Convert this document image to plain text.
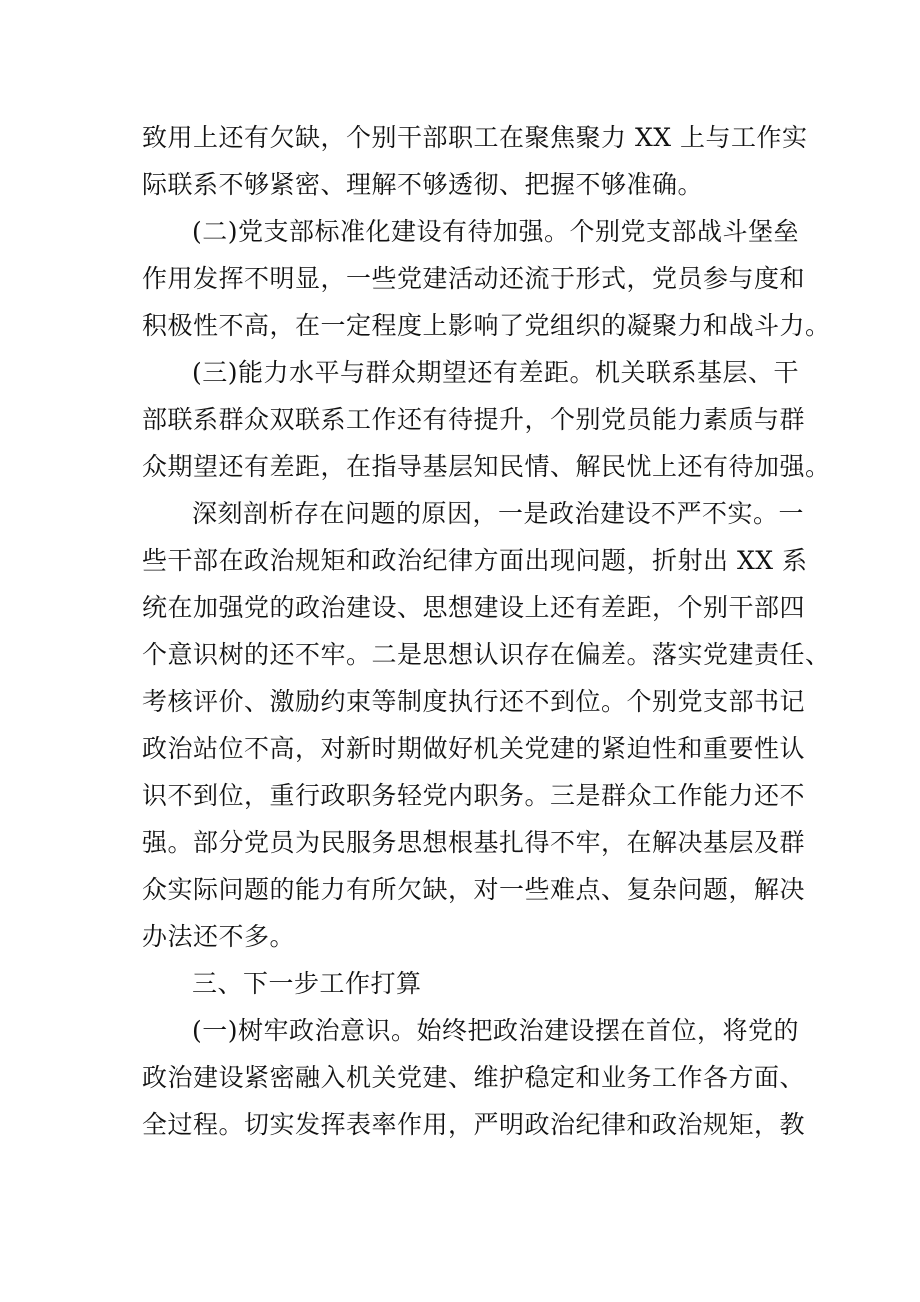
致用上还有欠缺，个别干部职工在聚焦聚力 XX 上与工作实
际联系不够紧密、理解不够透彻、把握不够准确。
(二)党支部标准化建设有待加强。个别党支部战斗堡垒
作用发挥不明显，一些党建活动还流于形式，党员参与度和
积极性不高，在一定程度上影响了党组织的凝聚力和战斗力。
(三)能力水平与群众期望还有差距。机关联系基层、干
部联系群众双联系工作还有待提升，个别党员能力素质与群
众期望还有差距，在指导基层知民情、解民忧上还有待加强。
深刻剖析存在问题的原因，一是政治建设不严不实。一
些干部在政治规矩和政治纪律方面出现问题，折射出 XX 系
统在加强党的政治建设、思想建设上还有差距，个别干部四
个意识树的还不牢。二是思想认识存在偏差。落实党建责任、
考核评价、激励约束等制度执行还不到位。个别党支部书记
政治站位不高，对新时期做好机关党建的紧迫性和重要性认
识不到位，重行政职务轻党内职务。三是群众工作能力还不
强。部分党员为民服务思想根基扎得不牢，在解决基层及群
众实际问题的能力有所欠缺，对一些难点、复杂问题，解决
办法还不多。
三、下一步工作打算
(一)树牢政治意识。始终把政治建设摆在首位，将党的
政治建设紧密融入机关党建、维护稳定和业务工作各方面、
全过程。切实发挥表率作用，严明政治纪律和政治规矩，教
